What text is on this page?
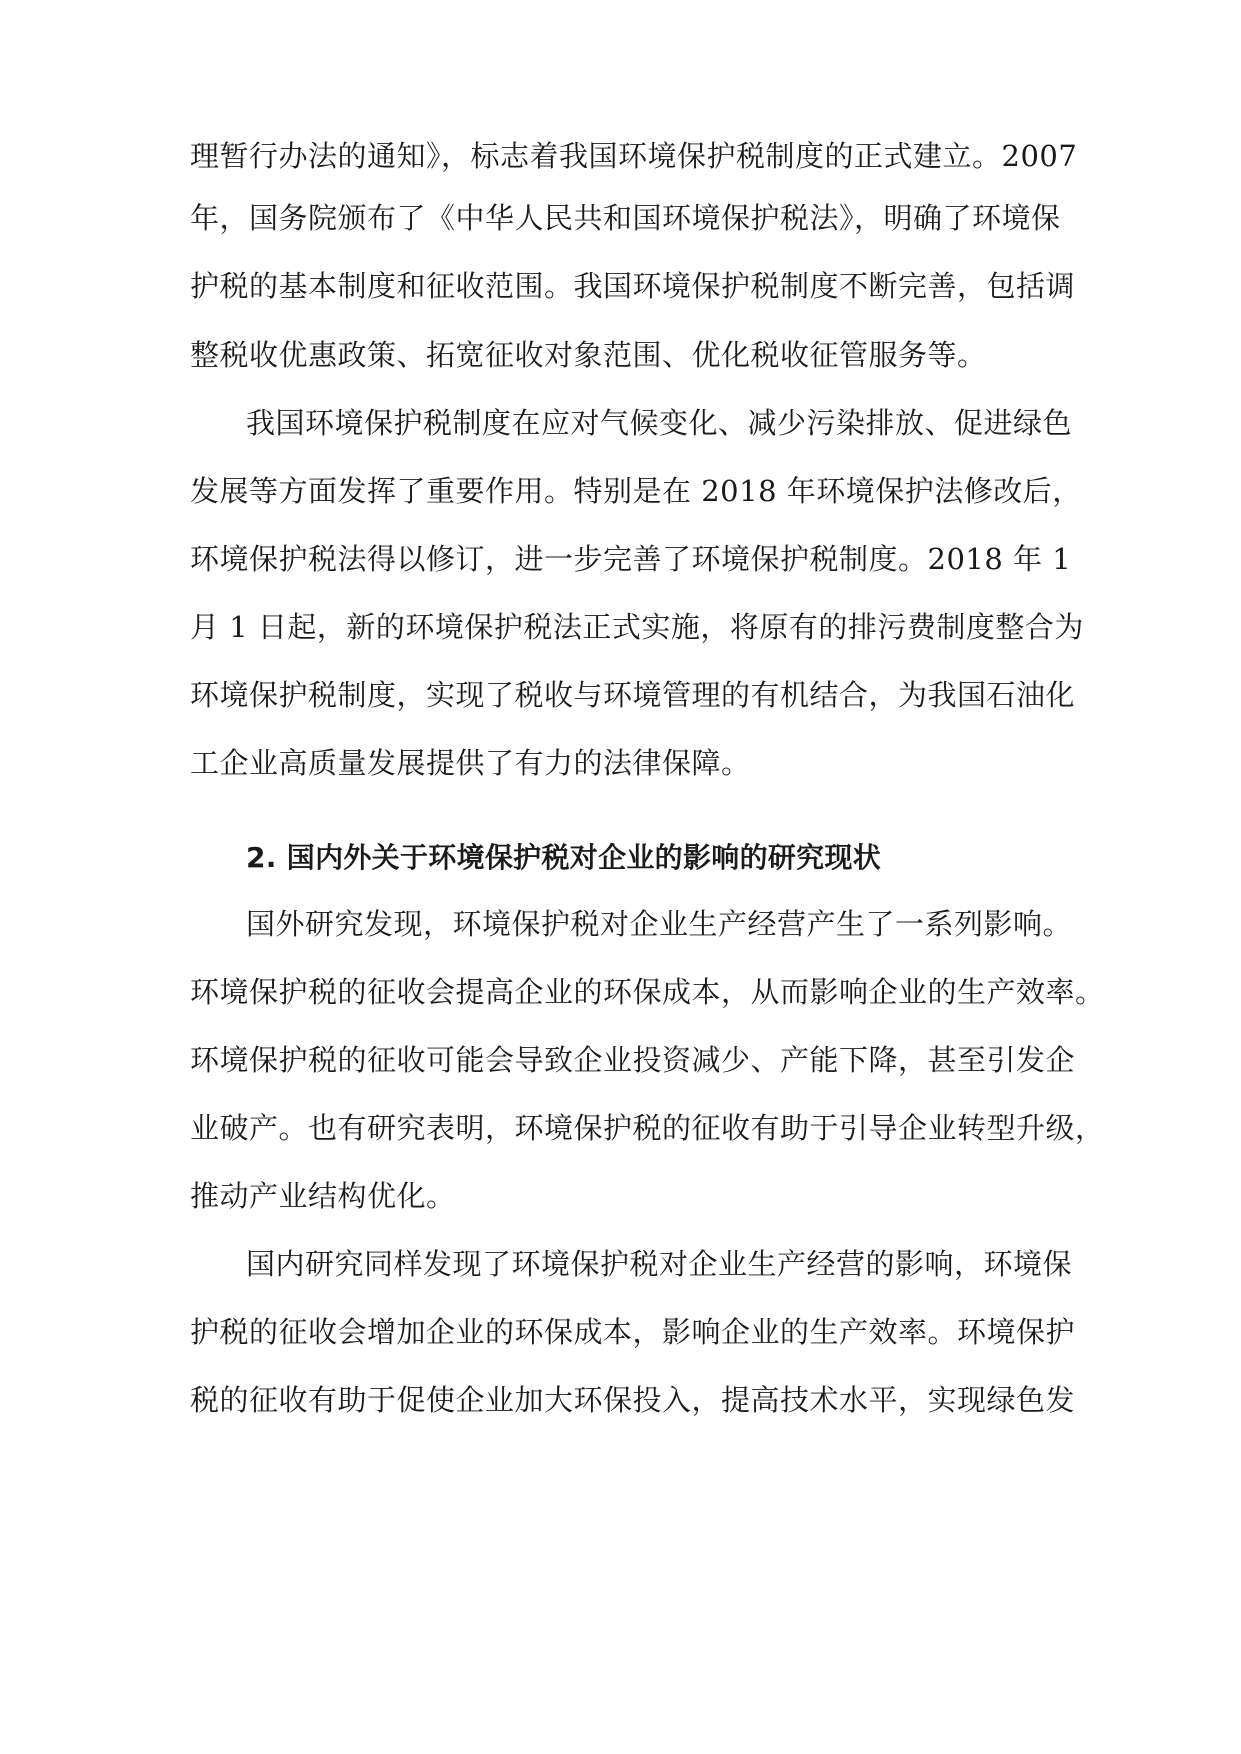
理暂行办法的通知》，标志着我国环境保护税制度的正式建立。2007
年，国务院颁布了《中华人民共和国环境保护税法》，明确了环境保
护税的基本制度和征收范围。我国环境保护税制度不断完善，包括调
整税收优惠政策、拓宽征收对象范围、优化税收征管服务等。
我国环境保护税制度在应对气候变化、减少污染排放、促进绿色
发展等方面发挥了重要作用。特别是在 2018 年环境保护法修改后，
环境保护税法得以修订，进一步完善了环境保护税制度。2018 年 1
月 1 日起，新的环境保护税法正式实施，将原有的排污费制度整合为
环境保护税制度，实现了税收与环境管理的有机结合，为我国石油化
工企业高质量发展提供了有力的法律保障。
2. 国内外关于环境保护税对企业的影响的研究现状
国外研究发现，环境保护税对企业生产经营产生了一系列影响。
环境保护税的征收会提高企业的环保成本，从而影响企业的生产效率。
环境保护税的征收可能会导致企业投资减少、产能下降，甚至引发企
业破产。也有研究表明，环境保护税的征收有助于引导企业转型升级，
推动产业结构优化。
国内研究同样发现了环境保护税对企业生产经营的影响，环境保
护税的征收会增加企业的环保成本，影响企业的生产效率。环境保护
税的征收有助于促使企业加大环保投入，提高技术水平，实现绿色发
